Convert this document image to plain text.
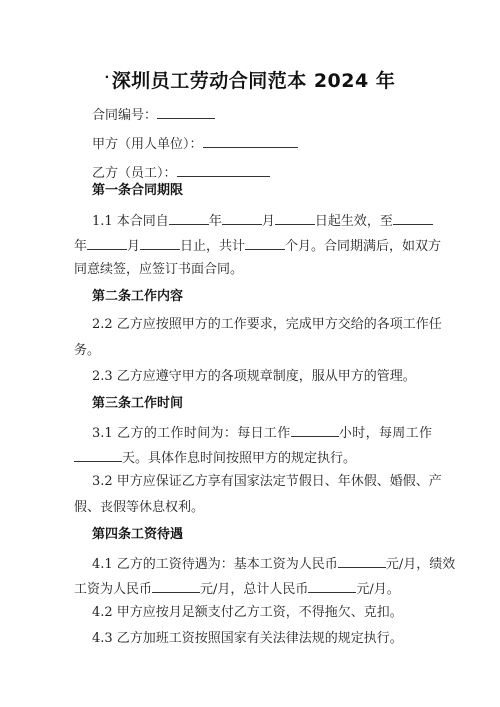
· 深圳员工劳动合同范本 2024 年
合同编号：
甲方（用人单位）：
乙方（员工）：
第一条合同期限
1.1 本合同自	年	月	日起生效，至
年	月	日止，共计	个月。合同期满后，如双方
同意续签，应签订书面合同。
第二条工作内容
2.2 乙方应按照甲方的工作要求，完成甲方交给的各项工作任
务。
2.3 乙方应遵守甲方的各项规章制度，服从甲方的管理。
第三条工作时间
3.1 乙方的工作时间为：每日工作	小时，每周工作
天。具体作息时间按照甲方的规定执行。
3.2 甲方应保证乙方享有国家法定节假日、年休假、婚假、产
假、丧假等休息权利。
第四条工资待遇
4.1 乙方的工资待遇为：基本工资为人民币	元/月，绩效
工资为人民币	元/月，总计人民币	元/月。
4.2 甲方应按月足额支付乙方工资，不得拖欠、克扣。
4.3 乙方加班工资按照国家有关法律法规的规定执行。
